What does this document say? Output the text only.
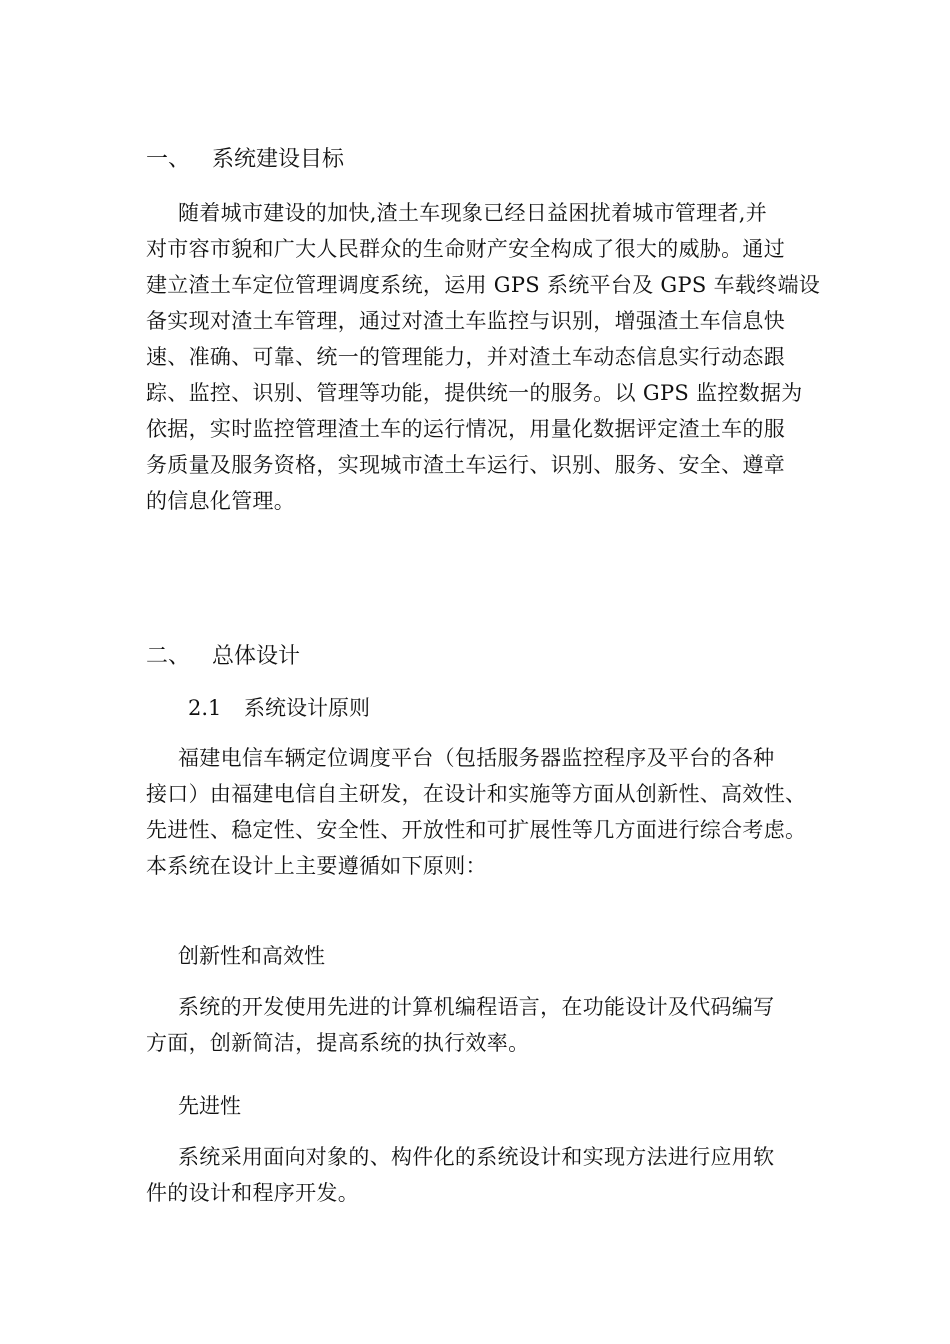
一、 系统建设目标
随着城市建设的加快,渣土车现象已经日益困扰着城市管理者,并
对市容市貌和广大人民群众的生命财产安全构成了很大的威胁。通过
建立渣土车定位管理调度系统，运用 GPS 系统平台及 GPS 车载终端设
备实现对渣土车管理，通过对渣土车监控与识别，增强渣土车信息快
速、准确、可靠、统一的管理能力，并对渣土车动态信息实行动态跟
踪、监控、识别、管理等功能，提供统一的服务。以 GPS 监控数据为
依据，实时监控管理渣土车的运行情况，用量化数据评定渣土车的服
务质量及服务资格，实现城市渣土车运行、识别、服务、安全、遵章
的信息化管理。
二、 总体设计
2.1 系统设计原则
福建电信车辆定位调度平台（包括服务器监控程序及平台的各种
接口）由福建电信自主研发，在设计和实施等方面从创新性、高效性、
先进性、稳定性、安全性、开放性和可扩展性等几方面进行综合考虑。
本系统在设计上主要遵循如下原则：
创新性和高效性
系统的开发使用先进的计算机编程语言，在功能设计及代码编写
方面，创新简洁，提高系统的执行效率。
先进性
系统采用面向对象的、构件化的系统设计和实现方法进行应用软
件的设计和程序开发。
